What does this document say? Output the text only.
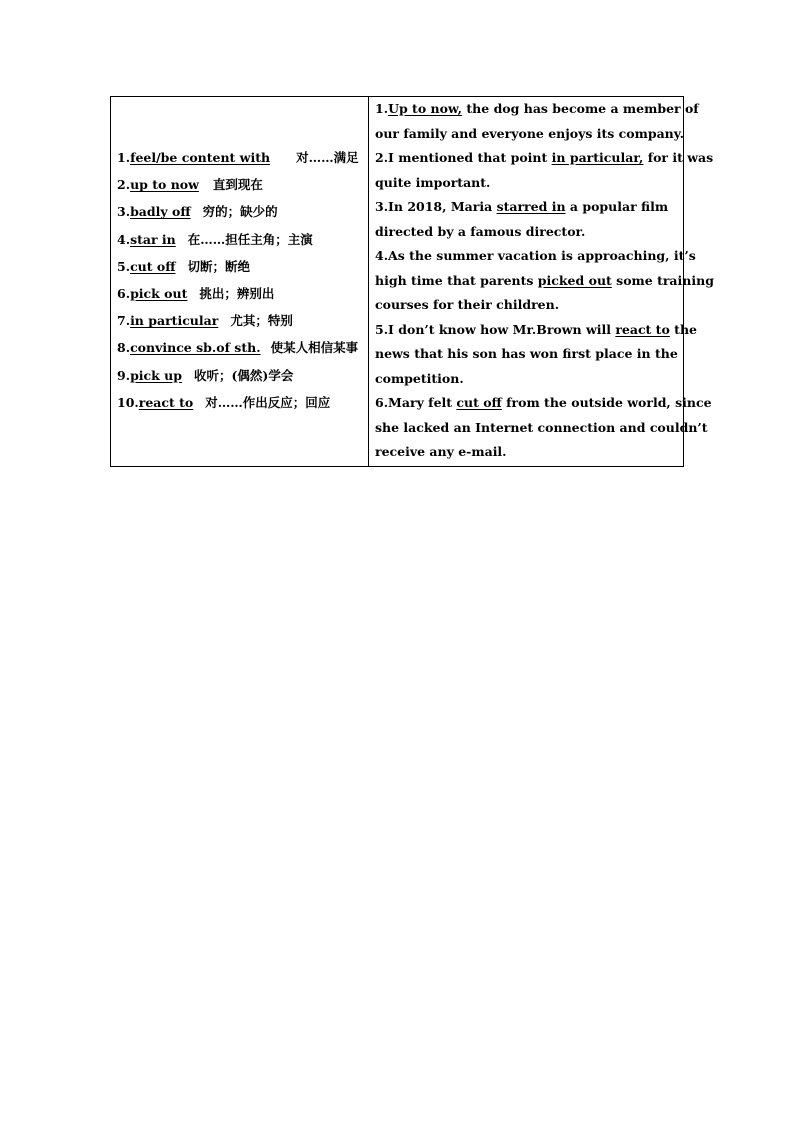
1.feel/be content with 对……满足
2.up to now 直到现在
3.badly off 穷的；缺少的
4.star in 在……担任主角；主演
5.cut off 切断；断绝
6.pick out 挑出；辨别出
7.in particular 尤其；特别
8.convince sb.of sth. 使某人相信某事
9.pick up 收听；(偶然)学会
10.react to 对……作出反应；回应
1.Up to now, the dog has become a member of
our family and everyone enjoys its company.
2.I mentioned that point in particular, for it was
quite important.
3.In 2018, Maria starred in a popular film
directed by a famous director.
4.As the summer vacation is approaching, it’s
high time that parents picked out some training
courses for their children.
5.I don’t know how Mr.Brown will react to the
news that his son has won first place in the
competition.
6.Mary felt cut off from the outside world, since
she lacked an Internet connection and couldn’t
receive any e-mail.
